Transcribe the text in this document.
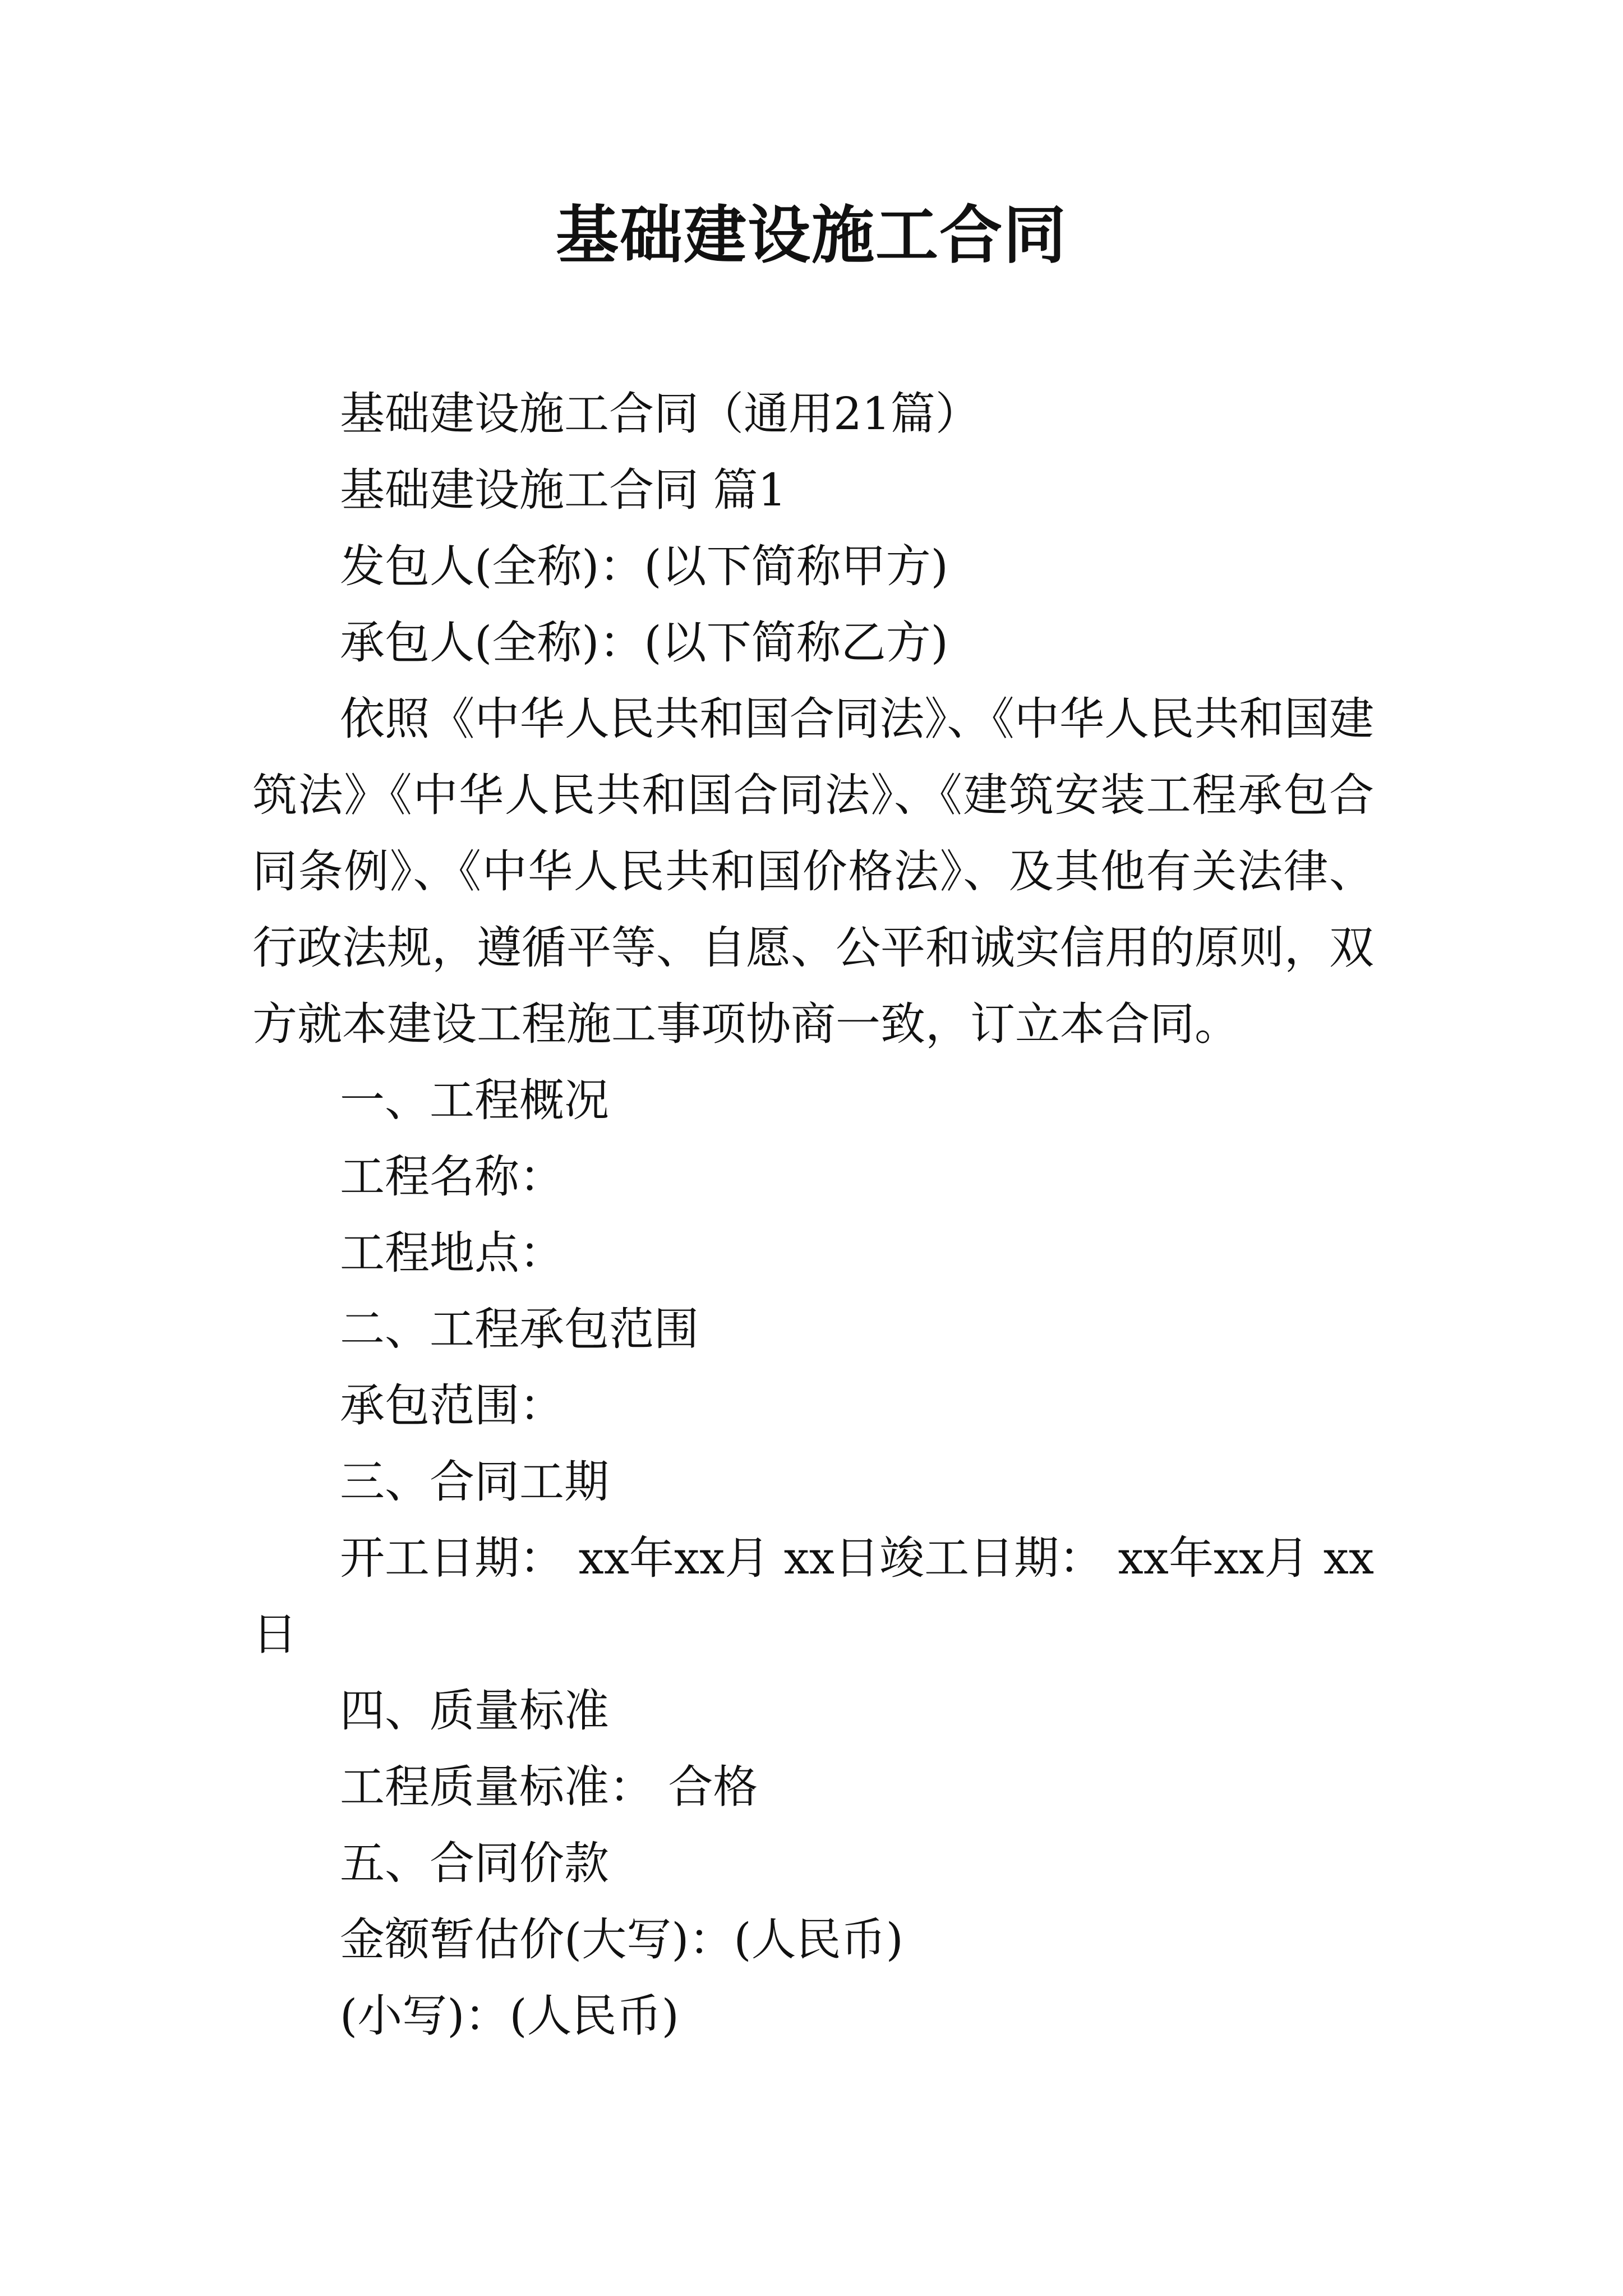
基础建设施工合同

基础建设施工合同（通用21篇）

基础建设施工合同 篇1

发包人(全称)：(以下简称甲方)

承包人(全称)：(以下简称乙方)

依照《中华人民共和国合同法》、《中华人民共和国建筑法》《中华人民共和国合同法》、《建筑安装工程承包合同条例》、《中华人民共和国价格法》、及其他有关法律、行政法规，遵循平等、自愿、公平和诚实信用的原则，双方就本建设工程施工事项协商一致，订立本合同。

一、工程概况

工程名称：

工程地点：

二、工程承包范围

承包范围：

三、合同工期

开工日期： xx年xx月 xx日竣工日期： xx年xx月 xx日

四、质量标准

工程质量标准： 合格

五、合同价款

金额暂估价(大写)：(人民币)

(小写)：(人民币)
